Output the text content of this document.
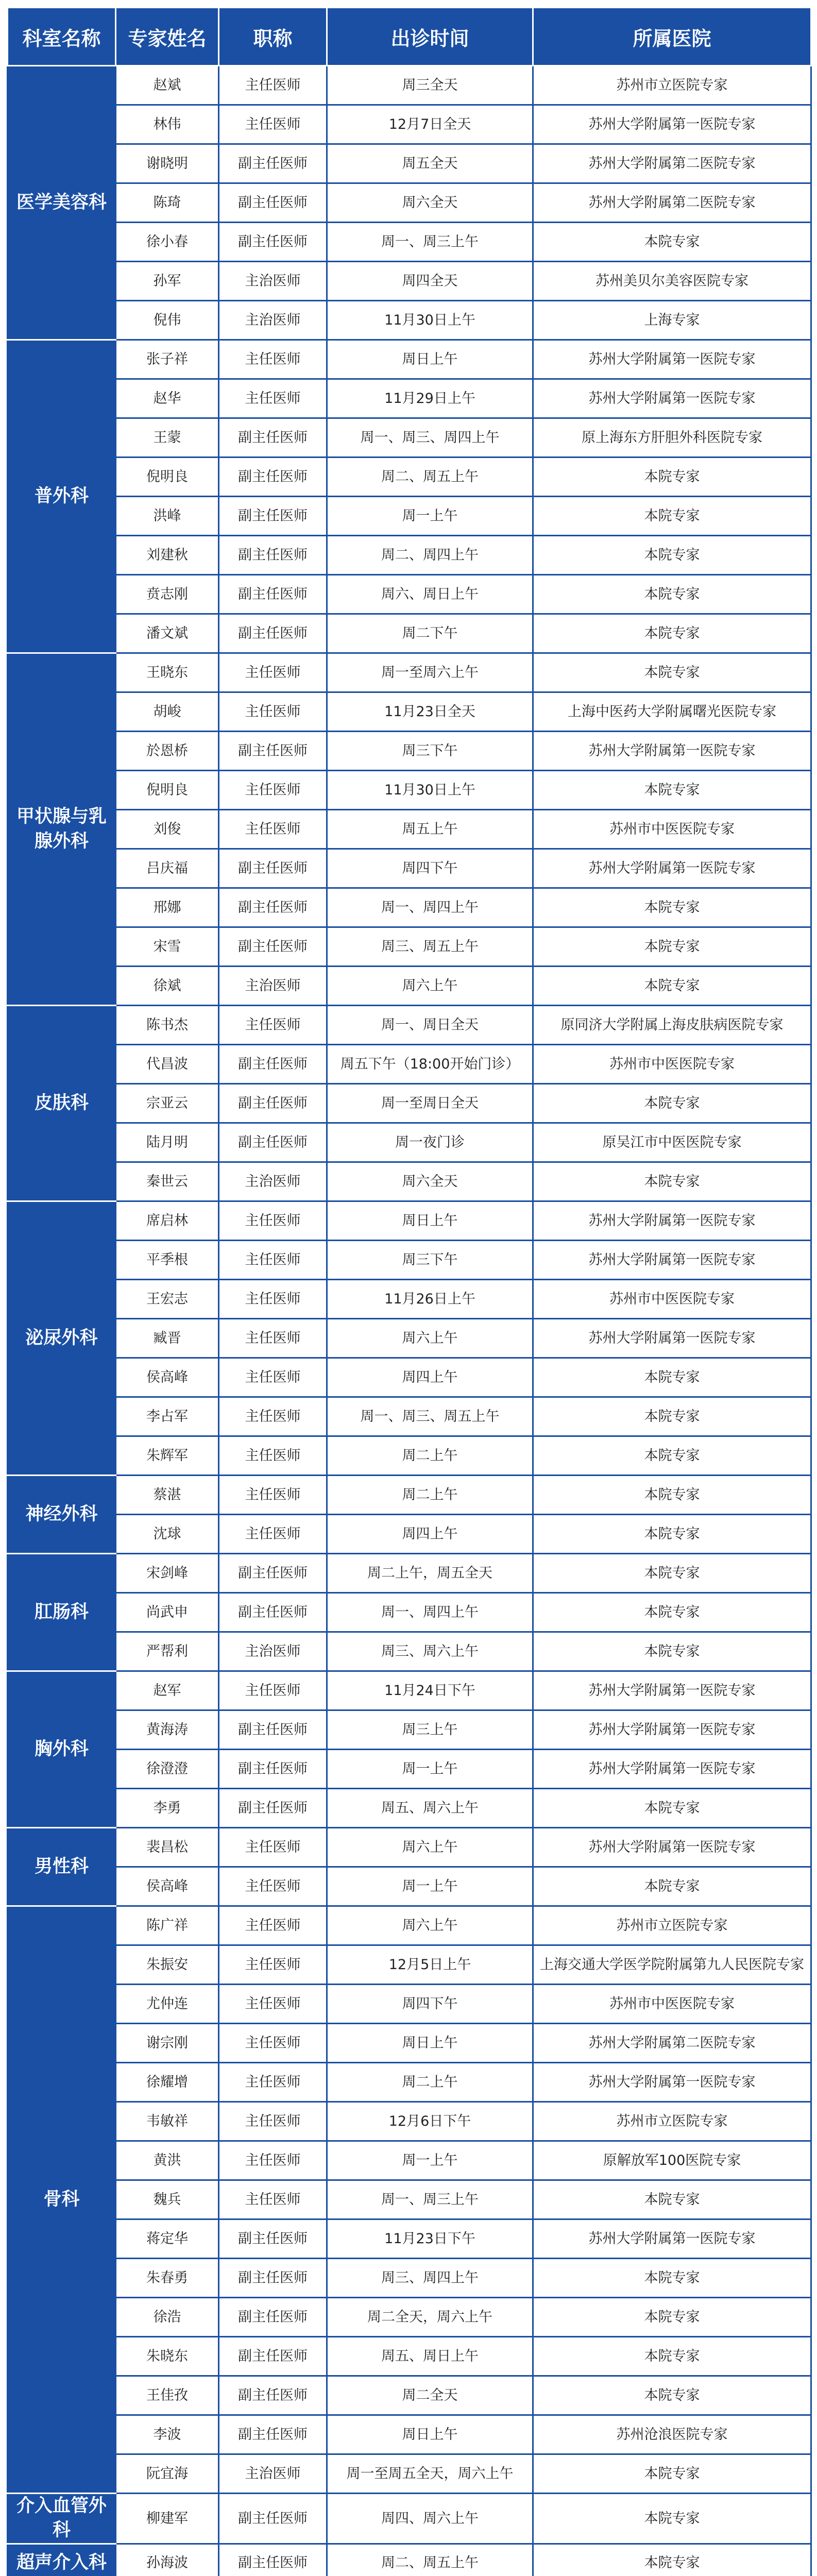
科室名称	专家姓名	职称	出诊时间	所属医院
医学美容科	赵斌	主任医师	周三全天	苏州市立医院专家
	林伟	主任医师	12月7日全天	苏州大学附属第一医院专家
	谢晓明	副主任医师	周五全天	苏州大学附属第二医院专家
	陈琦	副主任医师	周六全天	苏州大学附属第二医院专家
	徐小春	副主任医师	周一、周三上午	本院专家
	孙军	主治医师	周四全天	苏州美贝尔美容医院专家
	倪伟	主治医师	11月30日上午	上海专家
普外科	张子祥	主任医师	周日上午	苏州大学附属第一医院专家
	赵华	主任医师	11月29日上午	苏州大学附属第一医院专家
	王蒙	副主任医师	周一、周三、周四上午	原上海东方肝胆外科医院专家
	倪明良	副主任医师	周二、周五上午	本院专家
	洪峰	副主任医师	周一上午	本院专家
	刘建秋	副主任医师	周二、周四上午	本院专家
	贲志刚	副主任医师	周六、周日上午	本院专家
	潘文斌	副主任医师	周二下午	本院专家
甲状腺与乳腺外科	王晓东	主任医师	周一至周六上午	本院专家
	胡峻	主任医师	11月23日全天	上海中医药大学附属曙光医院专家
	於恩桥	副主任医师	周三下午	苏州大学附属第一医院专家
	倪明良	主任医师	11月30日上午	本院专家
	刘俊	主任医师	周五上午	苏州市中医医院专家
	吕庆福	副主任医师	周四下午	苏州大学附属第一医院专家
	邢娜	副主任医师	周一、周四上午	本院专家
	宋雪	副主任医师	周三、周五上午	本院专家
	徐斌	主治医师	周六上午	本院专家
皮肤科	陈书杰	主任医师	周一、周日全天	原同济大学附属上海皮肤病医院专家
	代昌波	副主任医师	周五下午（18:00开始门诊）	苏州市中医医院专家
	宗亚云	副主任医师	周一至周日全天	本院专家
	陆月明	副主任医师	周一夜门诊	原吴江市中医医院专家
	秦世云	主治医师	周六全天	本院专家
泌尿外科	席启林	主任医师	周日上午	苏州大学附属第一医院专家
	平季根	主任医师	周三下午	苏州大学附属第一医院专家
	王宏志	主任医师	11月26日上午	苏州市中医医院专家
	臧晋	主任医师	周六上午	苏州大学附属第一医院专家
	侯高峰	主任医师	周四上午	本院专家
	李占军	主任医师	周一、周三、周五上午	本院专家
	朱辉军	主任医师	周二上午	本院专家
神经外科	蔡湛	主任医师	周二上午	本院专家
	沈球	主任医师	周四上午	本院专家
肛肠科	宋剑峰	副主任医师	周二上午，周五全天	本院专家
	尚武申	副主任医师	周一、周四上午	本院专家
	严帮利	主治医师	周三、周六上午	本院专家
胸外科	赵军	主任医师	11月24日下午	苏州大学附属第一医院专家
	黄海涛	副主任医师	周三上午	苏州大学附属第一医院专家
	徐澄澄	副主任医师	周一上午	苏州大学附属第一医院专家
	李勇	副主任医师	周五、周六上午	本院专家
男性科	裴昌松	主任医师	周六上午	苏州大学附属第一医院专家
	侯高峰	主任医师	周一上午	本院专家
骨科	陈广祥	主任医师	周六上午	苏州市立医院专家
	朱振安	主任医师	12月5日上午	上海交通大学医学院附属第九人民医院专家
	尤仲连	主任医师	周四下午	苏州市中医医院专家
	谢宗刚	主任医师	周日上午	苏州大学附属第二医院专家
	徐耀增	主任医师	周二上午	苏州大学附属第一医院专家
	韦敏祥	主任医师	12月6日下午	苏州市立医院专家
	黄洪	主任医师	周一上午	原解放军100医院专家
	魏兵	主任医师	周一、周三上午	本院专家
	蒋定华	副主任医师	11月23日下午	苏州大学附属第一医院专家
	朱春勇	副主任医师	周三、周四上午	本院专家
	徐浩	副主任医师	周二全天，周六上午	本院专家
	朱晓东	副主任医师	周五、周日上午	本院专家
	王佳孜	副主任医师	周二全天	本院专家
	李波	副主任医师	周日上午	苏州沧浪医院专家
	阮宜海	主治医师	周一至周五全天，周六上午	本院专家
介入血管外科	柳建军	副主任医师	周四、周六上午	本院专家
超声介入科	孙海波	副主任医师	周二、周五上午	本院专家
